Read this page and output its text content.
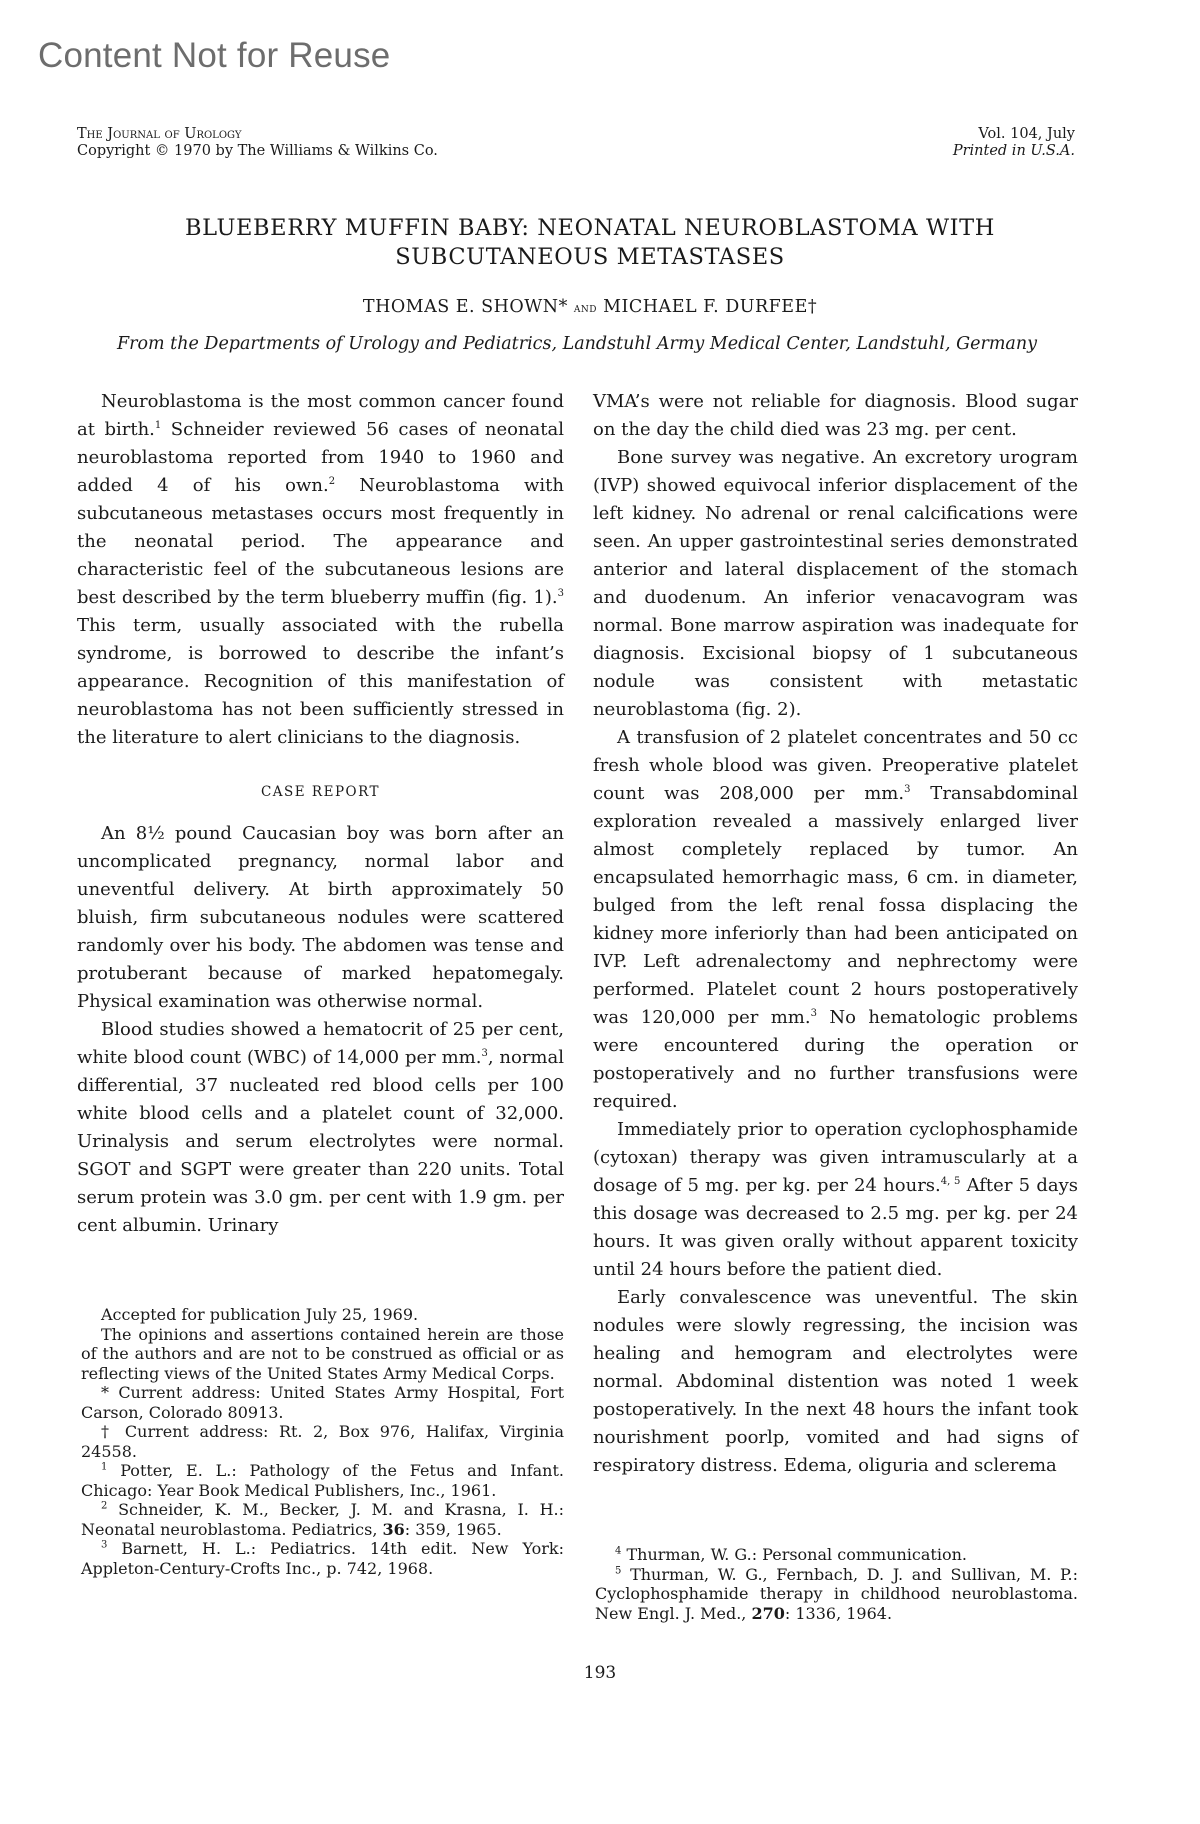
Content Not for Reuse
The Journal of Urology
Copyright © 1970 by The Williams & Wilkins Co.
Vol. 104, July
Printed in U.S.A.
BLUEBERRY MUFFIN BABY: NEONATAL NEUROBLASTOMA WITH
SUBCUTANEOUS METASTASES
THOMAS E. SHOWN* and MICHAEL F. DURFEE†
From the Departments of Urology and Pediatrics, Landstuhl Army Medical Center, Landstuhl, Germany

Neuroblastoma is the most common cancer found at birth.$^1$ Schneider reviewed 56 cases of neonatal neuroblastoma reported from 1940 to 1960 and added 4 of his own.$^2$ Neuroblastoma with subcutaneous metastases occurs most frequently in the neonatal period. The appearance and characteristic feel of the subcutaneous lesions are best described by the term blueberry muffin (fig. 1).$^3$ This term, usually associated with the rubella syndrome, is borrowed to describe the infant’s appearance. Recognition of this manifestation of neuroblastoma has not been sufficiently stressed in the literature to alert clinicians to the diagnosis.

CASE REPORT

An 8½ pound Caucasian boy was born after an uncomplicated pregnancy, normal labor and uneventful delivery. At birth approximately 50 bluish, firm subcutaneous nodules were scattered randomly over his body. The abdomen was tense and protuberant because of marked hepatomegaly. Physical examination was otherwise normal.

Blood studies showed a hematocrit of 25 per cent, white blood count (WBC) of 14,000 per mm.$^3$, normal differential, 37 nucleated red blood cells per 100 white blood cells and a platelet count of 32,000. Urinalysis and serum electrolytes were normal. SGOT and SGPT were greater than 220 units. Total serum protein was 3.0 gm. per cent with 1.9 gm. per cent albumin. Urinary

Accepted for publication July 25, 1969.

The opinions and assertions contained herein are those of the authors and are not to be construed as official or as reflecting views of the United States Army Medical Corps.

* Current address: United States Army Hospital, Fort Carson, Colorado 80913.

† Current address: Rt. 2, Box 976, Halifax, Virginia 24558.

$^1$ Potter, E. L.: Pathology of the Fetus and Infant. Chicago: Year Book Medical Publishers, Inc., 1961.

$^2$ Schneider, K. M., Becker, J. M. and Krasna, I. H.: Neonatal neuroblastoma. Pediatrics, 36: 359, 1965.

$^3$ Barnett, H. L.: Pediatrics. 14th edit. New York: Appleton-Century-Crofts Inc., p. 742, 1968.

VMA’s were not reliable for diagnosis. Blood sugar on the day the child died was 23 mg. per cent.

Bone survey was negative. An excretory urogram (IVP) showed equivocal inferior displacement of the left kidney. No adrenal or renal calcifications were seen. An upper gastrointestinal series demonstrated anterior and lateral displacement of the stomach and duodenum. An inferior venacavogram was normal. Bone marrow aspiration was inadequate for diagnosis. Excisional biopsy of 1 subcutaneous nodule was consistent with metastatic neuroblastoma (fig. 2).

A transfusion of 2 platelet concentrates and 50 cc fresh whole blood was given. Preoperative platelet count was 208,000 per mm.$^3$ Transabdominal exploration revealed a massively enlarged liver almost completely replaced by tumor. An encapsulated hemorrhagic mass, 6 cm. in diameter, bulged from the left renal fossa displacing the kidney more inferiorly than had been anticipated on IVP. Left adrenalectomy and nephrectomy were performed. Platelet count 2 hours postoperatively was 120,000 per mm.$^3$ No hematologic problems were encountered during the operation or postoperatively and no further transfusions were required.

Immediately prior to operation cyclophosphamide (cytoxan) therapy was given intramuscularly at a dosage of 5 mg. per kg. per 24 hours.$^{4, 5}$ After 5 days this dosage was decreased to 2.5 mg. per kg. per 24 hours. It was given orally without apparent toxicity until 24 hours before the patient died.

Early convalescence was uneventful. The skin nodules were slowly regressing, the incision was healing and hemogram and electrolytes were normal. Abdominal distention was noted 1 week postoperatively. In the next 48 hours the infant took nourishment poorlp, vomited and had signs of respiratory distress. Edema, oliguria and sclerema

$^4$ Thurman, W. G.: Personal communication.

$^5$ Thurman, W. G., Fernbach, D. J. and Sullivan, M. P.: Cyclophosphamide therapy in childhood neuroblastoma. New Engl. J. Med., 270: 1336, 1964.

193
